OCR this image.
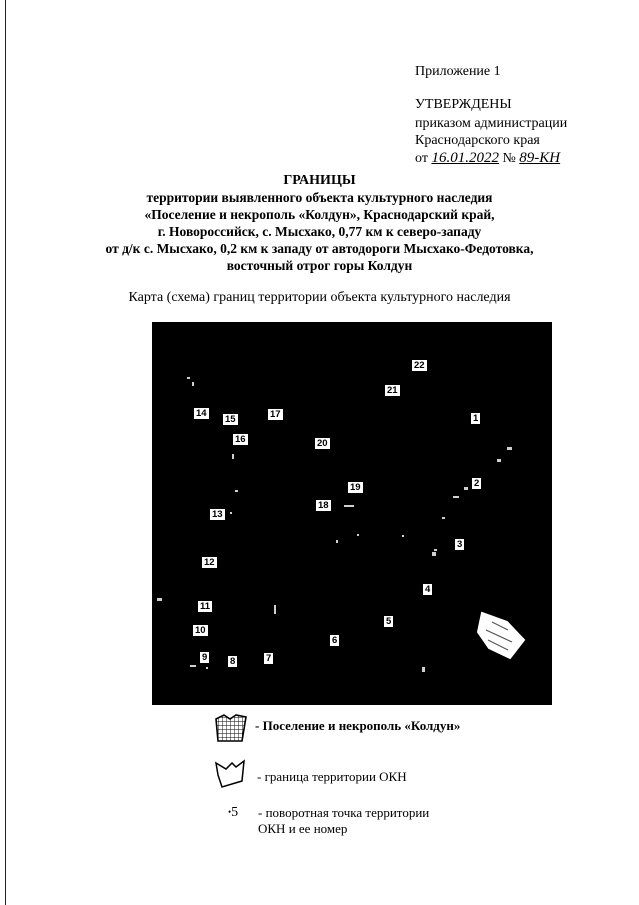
Приложение 1
УТВЕРЖДЕНЫ
приказом администрации
Краснодарского края
от 16.01.2022 № 89-KН
ГРАНИЦЫ
территории выявленного объекта культурного наследия
«Поселение и некрополь «Колдун», Краснодарский край,
г. Новороссийск, с. Мысхако, 0,77 км к северо-западу
от д/к с. Мысхако, 0,2 км к западу от автодороги Мысхако-Федотовка,
восточный отрог горы Колдун
Карта (схема) границ территории объекта культурного наследия
22
21
1
14
15	17
16	20
19	2
18
13
3
12
4
11
5
10
6
9 8	7
- Поселение и некрополь «Колдун»
- граница территории ОКН
•5 - поворотная точка территории
ОКН и ее номер
